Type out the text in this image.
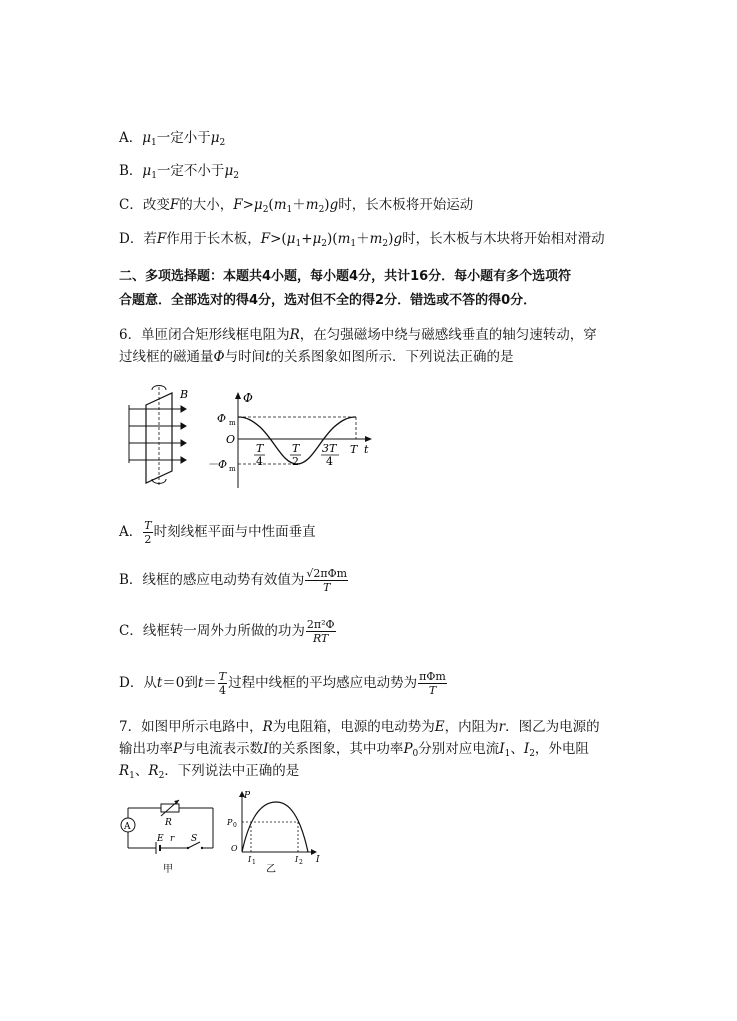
A．$\mu_1$一定小于$\mu_2$
B．$\mu_1$一定不小于$\mu_2$
C．改变F的大小，$F>\mu_2(m_1+m_2)g$时，长木板将开始运动
D．若F作用于长木板，$F>(\mu_1+\mu_2)(m_1+m_2)g$时，长木板与木块将开始相对滑动
二、多项选择题：本题共4小题，每小题4分，共计16分．每小题有多个选项符
合题意．全部选对的得4分，选对但不全的得2分．错选或不答的得0分．
6．单匝闭合矩形线框电阻为R，在匀强磁场中绕与磁感线垂直的轴匀速转动，穿
过线框的磁通量Φ与时间t的关系图象如图所示．下列说法正确的是
B	Φ
Φ m
O
－Φ m
T
4
T
2
3T
4
T t
A． $\frac{T}{2}$ 时刻线框平面与中性面垂直
B．线框的感应电动势有效值为 $\frac{\text{√2πΦm}}{T}$
C．线框转一周外力所做的功为 $\frac{\text{2π²Φ}}{RT}$
D．从t＝0到$t= \frac{T}{4}$ 过程中线框的平均感应电动势为 $\frac{\text{πΦm}}{T}$
7．如图甲所示电路中，R为电阻箱，电源的电动势为E，内阻为r．图乙为电源的
输出功率P与电流表示数I的关系图象，其中功率$P_0$分别对应电流$I_1$、$I_2$，外电阻
$R_1$、$R_2$．下列说法中正确的是
A	R
E r S
甲
P
P 0
O
I 1	I 2 I
乙
